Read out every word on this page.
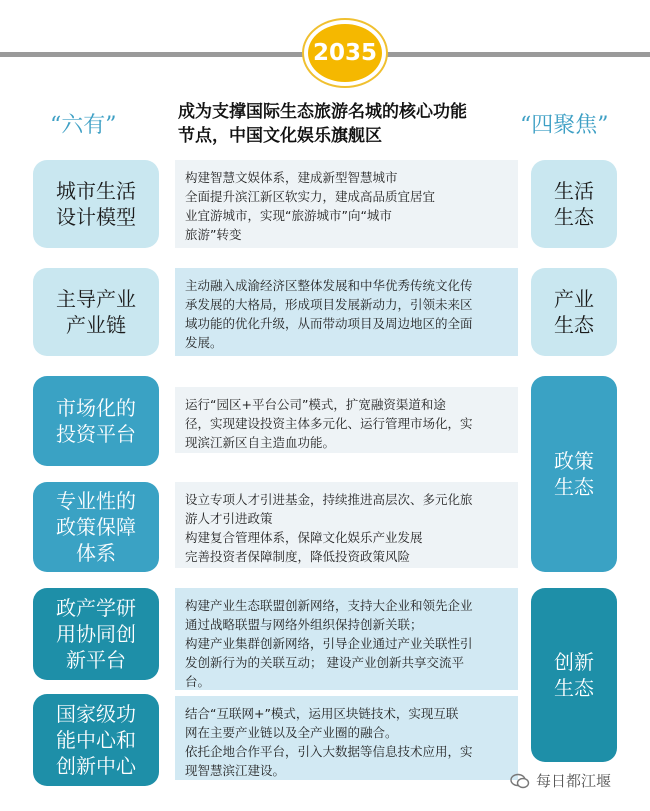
2035
“六有”	“四聚焦”
成为支撑国际生态旅游名城的核心功能
节点，中国文化娱乐旗舰区
城市生活
设计模型
构建智慧文娱体系，建成新型智慧城市
全面提升滨江新区软实力，建成高品质宜居宜
业宜游城市，实现“旅游城市”向“城市
旅游”转变
主导产业
产业链
主动融入成渝经济区整体发展和中华优秀传统文化传
承发展的大格局，形成项目发展新动力，引领未来区
域功能的优化升级，从而带动项目及周边地区的全面
发展。
市场化的
投资平台
运行“园区+平台公司”模式，扩宽融资渠道和途
径，实现建设投资主体多元化、运行管理市场化，实
现滨江新区自主造血功能。
专业性的
政策保障
体系
设立专项人才引进基金，持续推进高层次、多元化旅
游人才引进政策
构建复合管理体系，保障文化娱乐产业发展
完善投资者保障制度，降低投资政策风险
政产学研
用协同创
新平台
构建产业生态联盟创新网络，支持大企业和领先企业
通过战略联盟与网络外组织保持创新关联；
构建产业集群创新网络，引导企业通过产业关联性引
发创新行为的关联互动； 建设产业创新共享交流平
台。
国家级功
能中心和
创新中心
结合“互联网+”模式，运用区块链技术，实现互联
网在主要产业链以及全产业圈的融合。
依托企地合作平台，引入大数据等信息技术应用，实
现智慧滨江建设。
生活
生态
产业
生态
政策
生态
创新
生态
每日都江堰
